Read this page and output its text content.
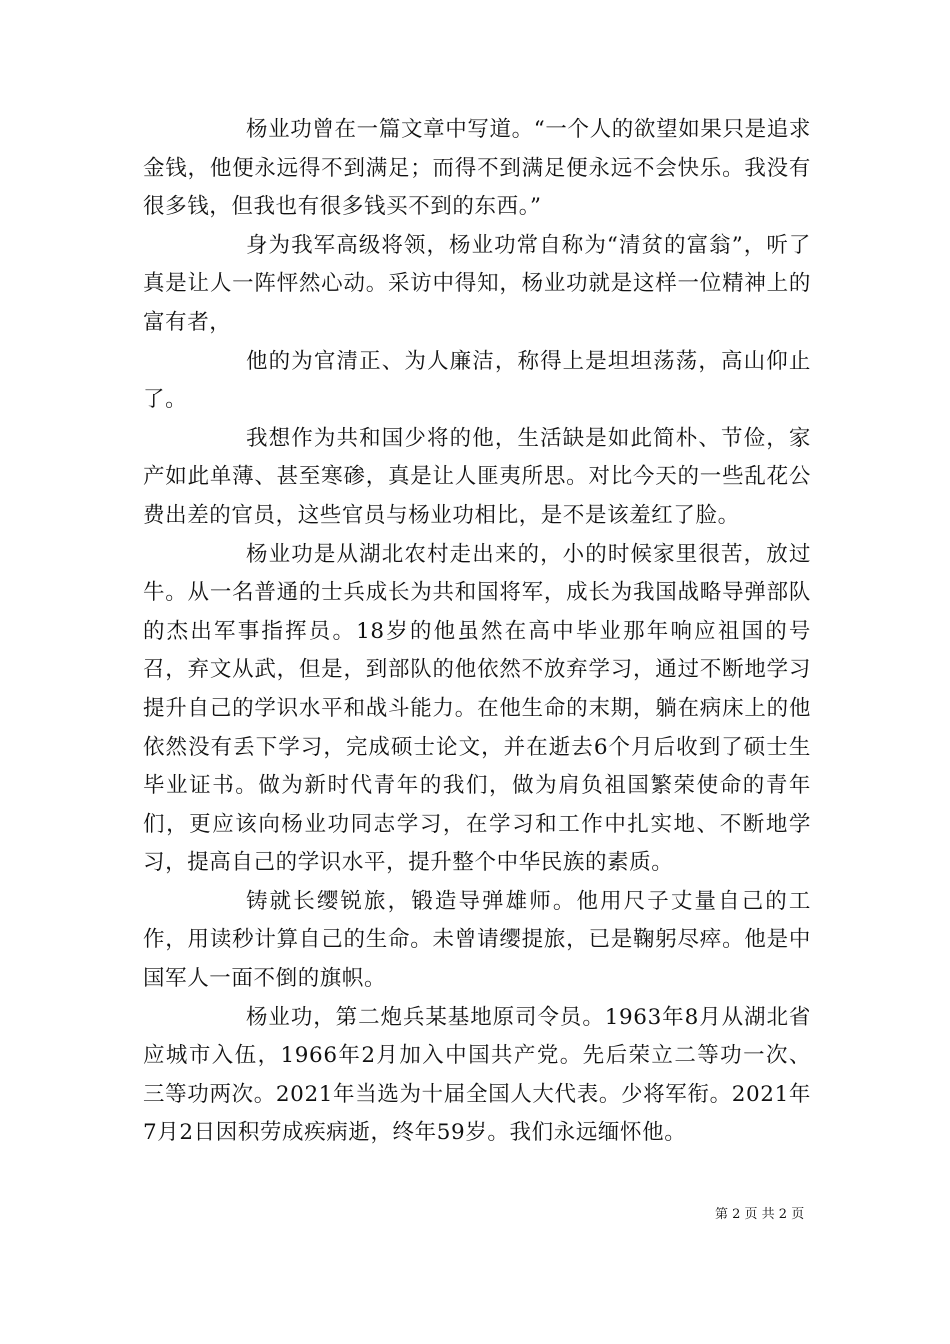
杨业功曾在一篇文章中写道。“一个人的欲望如果只是追求金钱，他便永远得不到满足；而得不到满足便永远不会快乐。我没有很多钱，但我也有很多钱买不到的东西。”

身为我军高级将领，杨业功常自称为“清贫的富翁”，听了真是让人一阵怦然心动。采访中得知，杨业功就是这样一位精神上的富有者，

他的为官清正、为人廉洁，称得上是坦坦荡荡，高山仰止了。

我想作为共和国少将的他，生活缺是如此简朴、节俭，家产如此单薄、甚至寒碜，真是让人匪夷所思。对比今天的一些乱花公费出差的官员，这些官员与杨业功相比，是不是该羞红了脸。

杨业功是从湖北农村走出来的，小的时候家里很苦，放过牛。从一名普通的士兵成长为共和国将军，成长为我国战略导弹部队的杰出军事指挥员。18岁的他虽然在高中毕业那年响应祖国的号召，弃文从武，但是，到部队的他依然不放弃学习，通过不断地学习提升自己的学识水平和战斗能力。在他生命的末期，躺在病床上的他依然没有丢下学习，完成硕士论文，并在逝去6个月后收到了硕士生毕业证书。做为新时代青年的我们，做为肩负祖国繁荣使命的青年们，更应该向杨业功同志学习，在学习和工作中扎实地、不断地学习，提高自己的学识水平，提升整个中华民族的素质。

铸就长缨锐旅，锻造导弹雄师。他用尺子丈量自己的工作，用读秒计算自己的生命。未曾请缨提旅，已是鞠躬尽瘁。他是中国军人一面不倒的旗帜。

杨业功，第二炮兵某基地原司令员。1963年8月从湖北省应城市入伍，1966年2月加入中国共产党。先后荣立二等功一次、三等功两次。2021年当选为十届全国人大代表。少将军衔。2021年7月2日因积劳成疾病逝，终年59岁。我们永远缅怀他。

第 2 页 共 2 页
